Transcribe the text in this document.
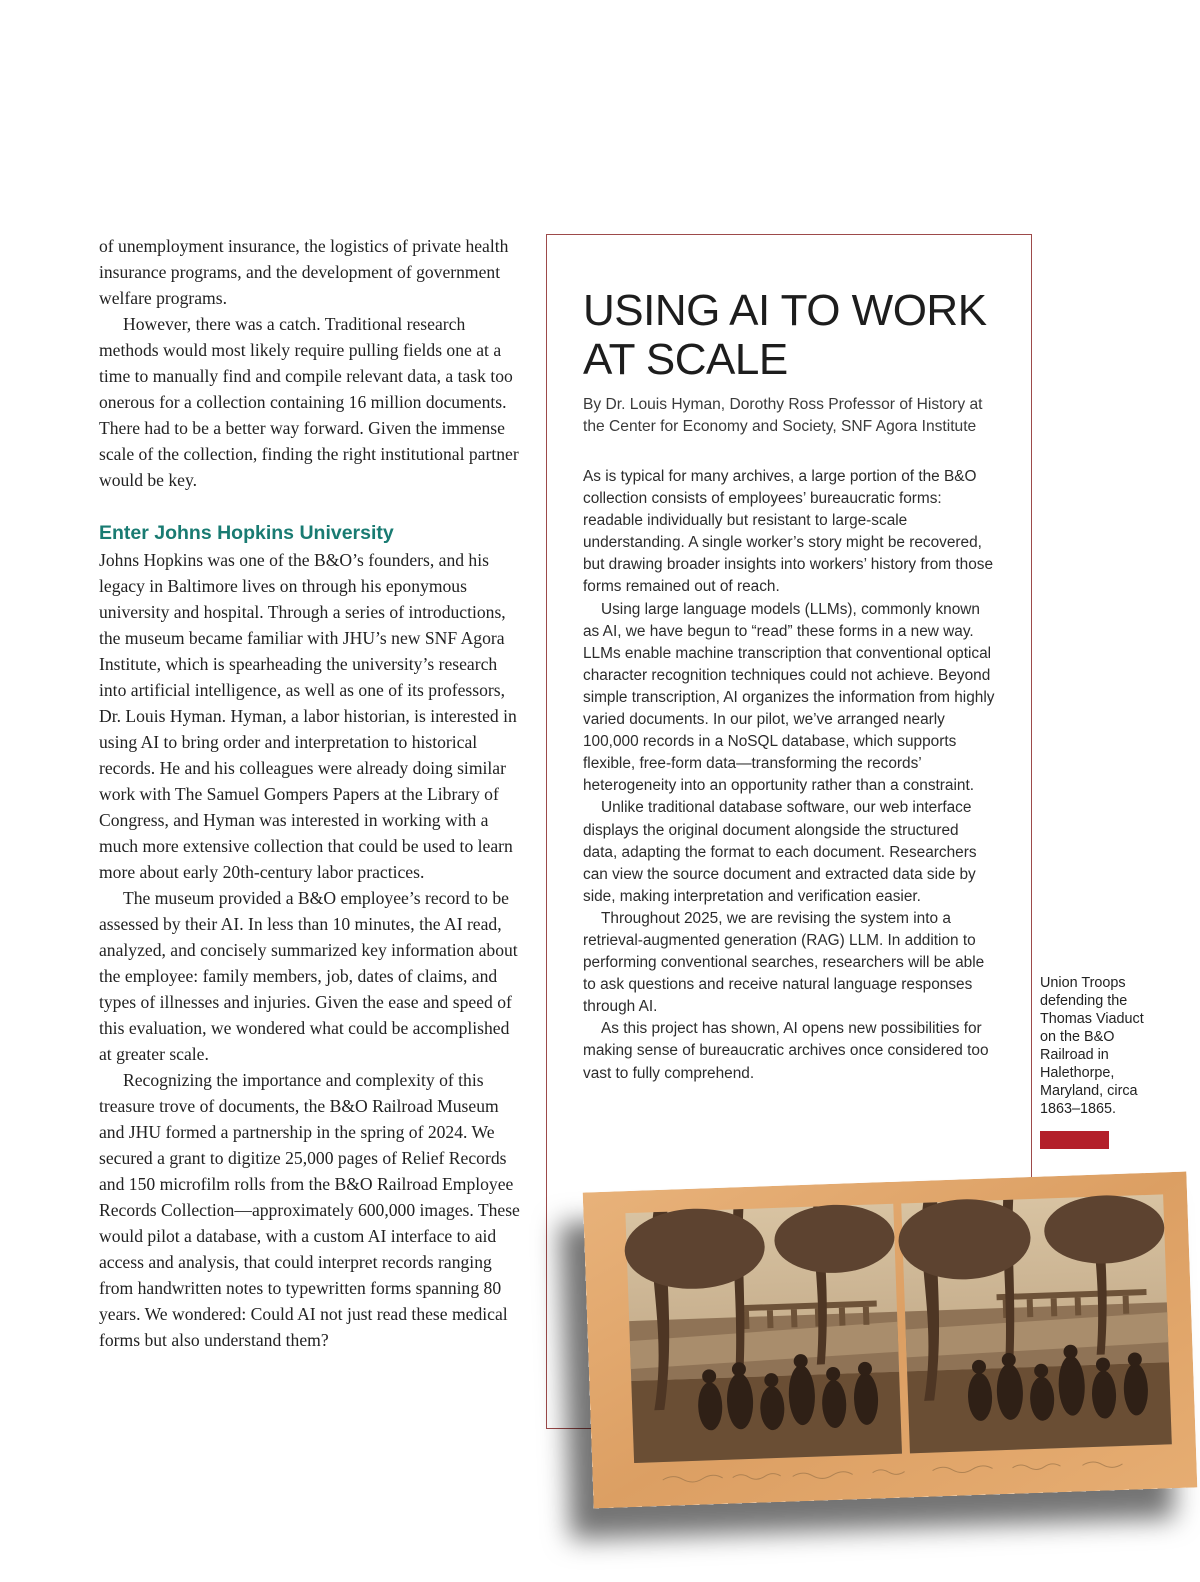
of unemployment insurance, the logistics of private health insurance programs, and the development of government welfare programs.

However, there was a catch. Traditional research methods would most likely require pulling fields one at a time to manually find and compile relevant data, a task too onerous for a collection containing 16 million documents. There had to be a better way forward. Given the immense scale of the collection, finding the right institutional partner would be key.

Enter Johns Hopkins University

Johns Hopkins was one of the B&O’s founders, and his legacy in Baltimore lives on through his eponymous university and hospital. Through a series of introductions, the museum became familiar with JHU’s new SNF Agora Institute, which is spearheading the university’s research into artificial intelligence, as well as one of its professors, Dr. Louis Hyman. Hyman, a labor historian, is interested in using AI to bring order and interpretation to historical records. He and his colleagues were already doing similar work with The Samuel Gompers Papers at the Library of Congress, and Hyman was interested in working with a much more extensive collection that could be used to learn more about early 20th-century labor practices.

The museum provided a B&O employee’s record to be assessed by their AI. In less than 10 minutes, the AI read, analyzed, and concisely summarized key information about the employee: family members, job, dates of claims, and types of illnesses and injuries. Given the ease and speed of this evaluation, we wondered what could be accomplished at greater scale.

Recognizing the importance and complexity of this treasure trove of documents, the B&O Railroad Museum and JHU formed a partnership in the spring of 2024. We secured a grant to digitize 25,000 pages of Relief Records and 150 microfilm rolls from the B&O Railroad Employee Records Collection—approximately 600,000 images. These would pilot a database, with a custom AI interface to aid access and analysis, that could interpret records ranging from handwritten notes to typewritten forms spanning 80 years. We wondered: Could AI not just read these medical forms but also understand them?

USING AI TO WORK AT SCALE

By Dr. Louis Hyman, Dorothy Ross Professor of History at the Center for Economy and Society, SNF Agora Institute

As is typical for many archives, a large portion of the B&O collection consists of employees’ bureaucratic forms: readable individually but resistant to large-scale understanding. A single worker’s story might be recovered, but drawing broader insights into workers’ history from those forms remained out of reach.

Using large language models (LLMs), commonly known as AI, we have begun to “read” these forms in a new way. LLMs enable machine transcription that conventional optical character recognition techniques could not achieve. Beyond simple transcription, AI organizes the information from highly varied documents. In our pilot, we’ve arranged nearly 100,000 records in a NoSQL database, which supports flexible, free-form data—transforming the records’ heterogeneity into an opportunity rather than a constraint.

Unlike traditional database software, our web interface displays the original document alongside the structured data, adapting the format to each document. Researchers can view the source document and extracted data side by side, making interpretation and verification easier.

Throughout 2025, we are revising the system into a retrieval-augmented generation (RAG) LLM. In addition to performing conventional searches, researchers will be able to ask questions and receive natural language responses through AI.

As this project has shown, AI opens new possibilities for making sense of bureaucratic archives once considered too vast to fully comprehend.

Union Troops defending the Thomas Viaduct on the B&O Railroad in Halethorpe, Maryland, circa 1863–1865.
